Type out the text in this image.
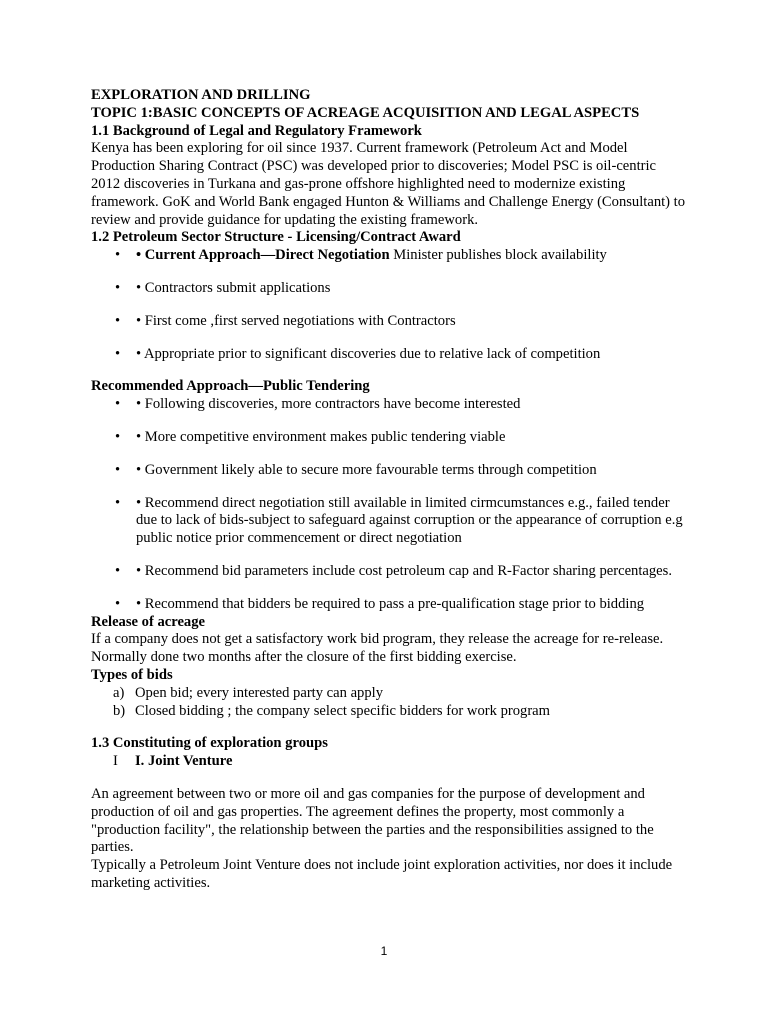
EXPLORATION AND DRILLING

TOPIC 1:BASIC CONCEPTS OF ACREAGE ACQUISITION AND LEGAL ASPECTS

1.1 Background of Legal and Regulatory Framework

Kenya has been exploring for oil since 1937. Current framework (Petroleum Act and Model Production Sharing Contract (PSC) was developed prior to discoveries; Model PSC is oil-centric 2012 discoveries in Turkana and gas-prone offshore highlighted need to modernize existing framework. GoK and World Bank engaged Hunton & Williams and Challenge Energy (Consultant) to review and provide guidance for updating the existing framework.

1.2 Petroleum Sector Structure - Licensing/Contract Award

• • Current Approach—Direct Negotiation Minister publishes block availability
• • Contractors submit applications
• • First come ,first served negotiations with Contractors
• • Appropriate prior to significant discoveries due to relative lack of competition

Recommended Approach—Public Tendering

• • Following discoveries, more contractors have become interested
• • More competitive environment makes public tendering viable
• • Government likely able to secure more favourable terms through competition
• • Recommend direct negotiation still available in limited cirmcumstances e.g., failed tender due to lack of bids-subject to safeguard against corruption or the appearance of corruption e.g public notice prior commencement or direct negotiation
• • Recommend bid parameters include cost petroleum cap and R-Factor sharing percentages.
• • Recommend that bidders be required to pass a pre-qualification stage prior to bidding

Release of acreage

If a company does not get a satisfactory work bid program, they release the acreage for re-release. Normally done two months after the closure of the first bidding exercise.

Types of bids

a) Open bid; every interested party can apply
b) Closed bidding ; the company select specific bidders for work program

1.3 Constituting of exploration groups

I I. Joint Venture

An agreement between two or more oil and gas companies for the purpose of development and production of oil and gas properties. The agreement defines the property, most commonly a "production facility", the relationship between the parties and the responsibilities assigned to the parties.

Typically a Petroleum Joint Venture does not include joint exploration activities, nor does it include marketing activities.

1
